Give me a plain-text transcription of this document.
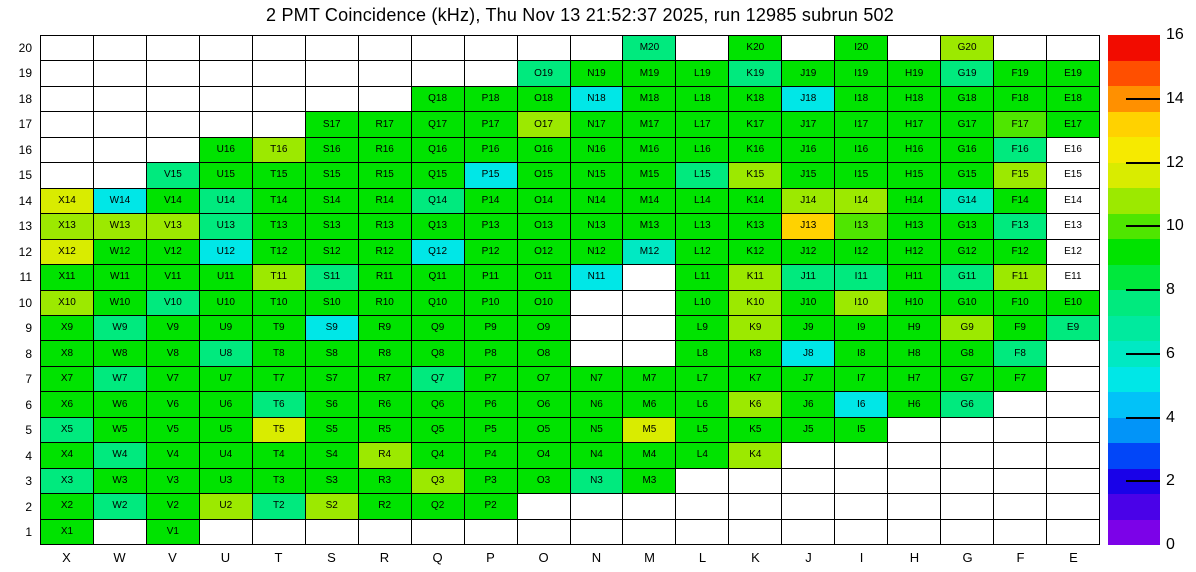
2 PMT Coincidence (kHz), Thu Nov 13 21:52:37 2025, run 12985 subrun 502
M20	K20	I20	G20
O19	N19	M19	L19	K19	J19	I19	H19	G19	F19	E19
Q18	P18	O18	N18	M18	L18	K18	J18	I18	H18	G18	F18	E18
S17	R17	Q17	P17	O17	N17	M17	L17	K17	J17	I17	H17	G17	F17	E17
U16	T16	S16	R16	Q16	P16	O16	N16	M16	L16	K16	J16	I16	H16	G16	F16	E16
V15	U15	T15	S15	R15	Q15	P15	O15	N15	M15	L15	K15	J15	I15	H15	G15	F15	E15
X14	W14	V14	U14	T14	S14	R14	Q14	P14	O14	N14	M14	L14	K14	J14	I14	H14	G14	F14	E14
X13	W13	V13	U13	T13	S13	R13	Q13	P13	O13	N13	M13	L13	K13	J13	I13	H13	G13	F13	E13
X12	W12	V12	U12	T12	S12	R12	Q12	P12	O12	N12	M12	L12	K12	J12	I12	H12	G12	F12	E12
X11	W11	V11	U11	T11	S11	R11	Q11	P11	O11	N11	L11	K11	J11	I11	H11	G11	F11	E11
X10	W10	V10	U10	T10	S10	R10	Q10	P10	O10	L10	K10	J10	I10	H10	G10	F10	E10
X9	W9	V9	U9	T9	S9	R9	Q9	P9	O9	L9	K9	J9	I9	H9	G9	F9	E9
X8	W8	V8	U8	T8	S8	R8	Q8	P8	O8	L8	K8	J8	I8	H8	G8	F8
X7	W7	V7	U7	T7	S7	R7	Q7	P7	O7	N7	M7	L7	K7	J7	I7	H7	G7	F7
X6	W6	V6	U6	T6	S6	R6	Q6	P6	O6	N6	M6	L6	K6	J6	I6	H6	G6
X5	W5	V5	U5	T5	S5	R5	Q5	P5	O5	N5	M5	L5	K5	J5	I5
X4	W4	V4	U4	T4	S4	R4	Q4	P4	O4	N4	M4	L4	K4
X3	W3	V3	U3	T3	S3	R3	Q3	P3	O3	N3	M3
X2	W2	V2	U2	T2	S2	R2	Q2	P2
X1	V1
20
19
18
17
16
15
14
13
12
11
10
9
8
7
6
5
4
3
2
1
X	W	V	U	T	S	R	Q	P	O	N	M	L	K	J	I	H	G	F	E
16
14
12
10
8
6
4
2
0
